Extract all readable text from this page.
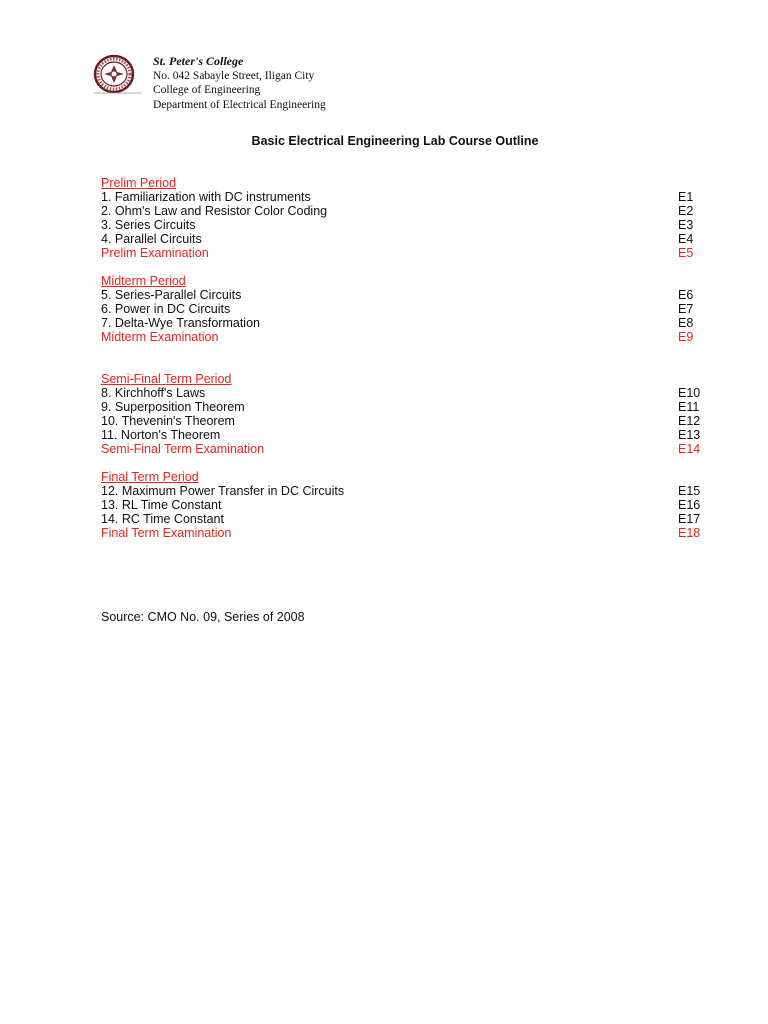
St. Peter's College
No. 042 Sabayle Street, Iligan City
College of Engineering
Department of Electrical Engineering
Basic Electrical Engineering Lab Course Outline
Prelim Period
1. Familiarization with DC instruments	E1
2. Ohm's Law and Resistor Color Coding	E2
3. Series Circuits	E3
4. Parallel Circuits	E4
Prelim Examination	E5
Midterm Period
5. Series-Parallel Circuits	E6
6. Power in DC Circuits	E7
7. Delta-Wye Transformation	E8
Midterm Examination	E9
Semi-Final Term Period
8. Kirchhoff's Laws	E10
9. Superposition Theorem	E11
10. Thevenin's Theorem	E12
11. Norton's Theorem	E13
Semi-Final Term Examination	E14
Final Term Period
12. Maximum Power Transfer in DC Circuits	E15
13. RL Time Constant	E16
14. RC Time Constant	E17
Final Term Examination	E18
Source: CMO No. 09, Series of 2008
